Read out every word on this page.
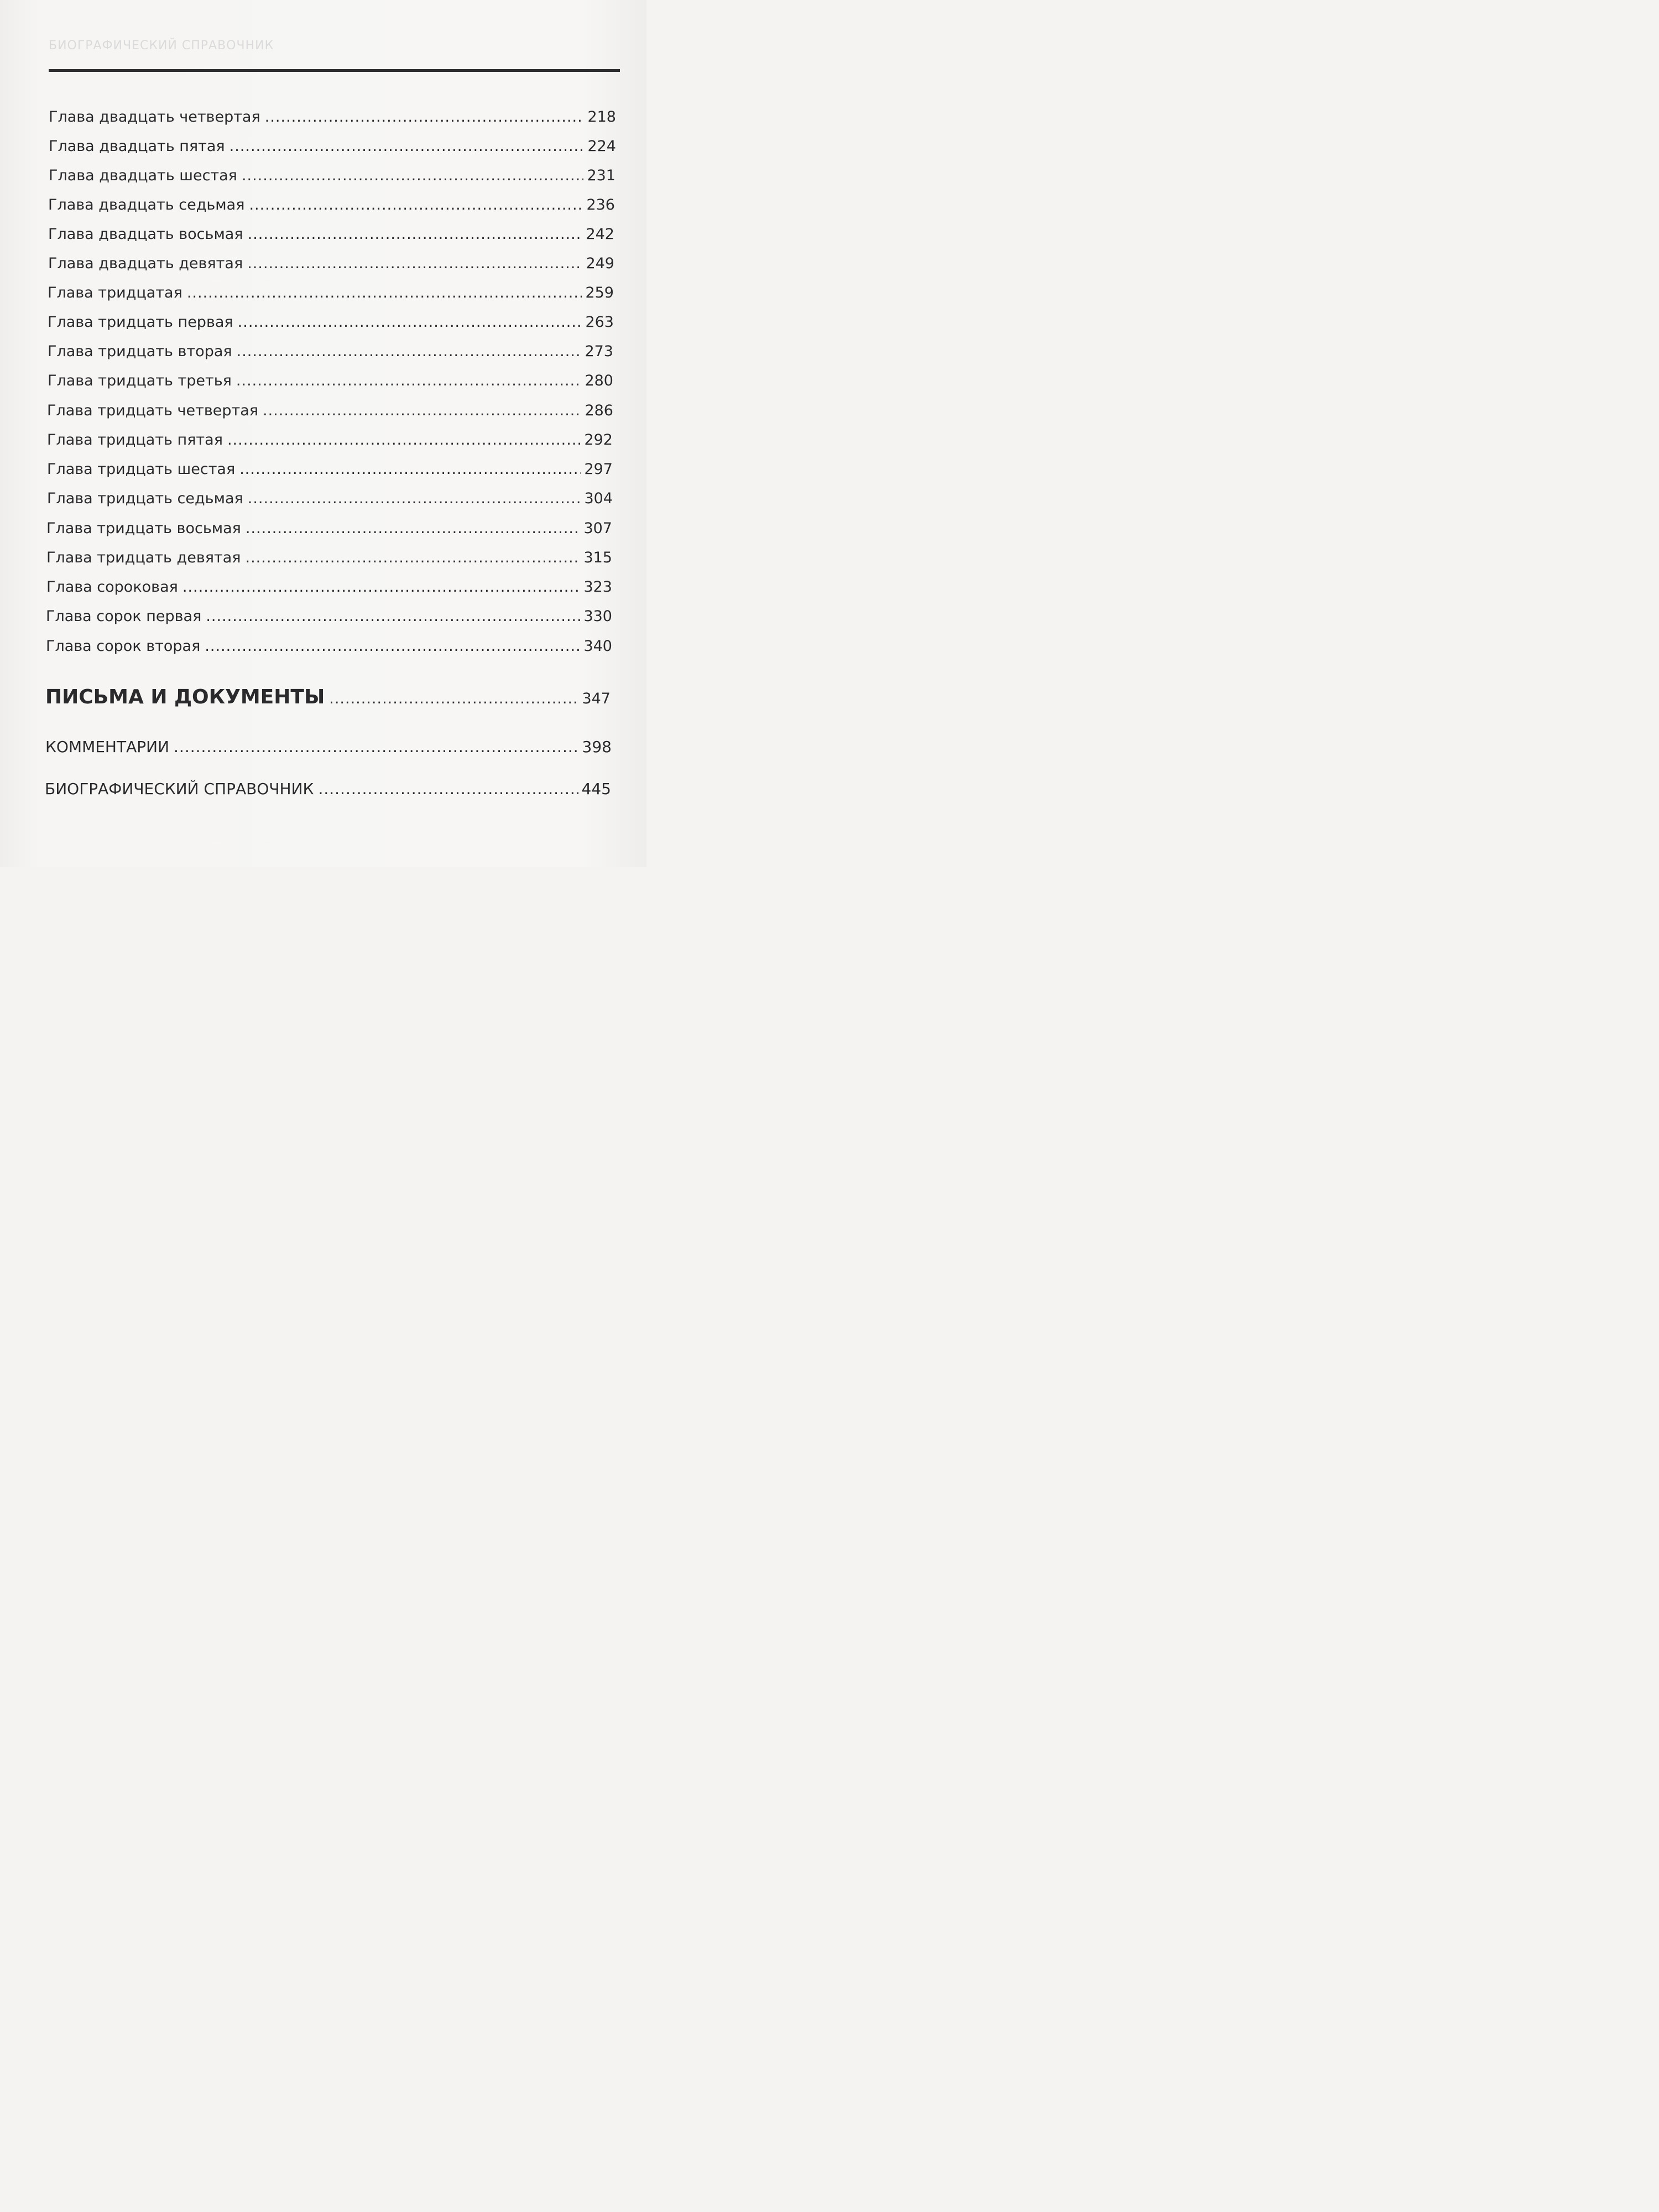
БИОГРАФИЧЕСКИЙ СПРАВОЧНИК
Глава двадцать четвертая .....	218
Глава двадцать пятая .....	224
Глава двадцать шестая .....	231
Глава двадцать седьмая .....	236
Глава двадцать восьмая .....	242
Глава двадцать девятая .....	249
Глава тридцатая .....	259
Глава тридцать первая .....	263
Глава тридцать вторая .....	273
Глава тридцать третья .....	280
Глава тридцать четвертая .....	286
Глава тридцать пятая .....	292
Глава тридцать шестая .....	297
Глава тридцать седьмая .....	304
Глава тридцать восьмая .....	307
Глава тридцать девятая .....	315
Глава сороковая .....	323
Глава сорок первая .....	330
Глава сорок вторая .....	340
ПИСЬМА И ДОКУМЕНТЫ .....	347
КОММЕНТАРИИ .....	398
БИОГРАФИЧЕСКИЙ СПРАВОЧНИК .....	445
